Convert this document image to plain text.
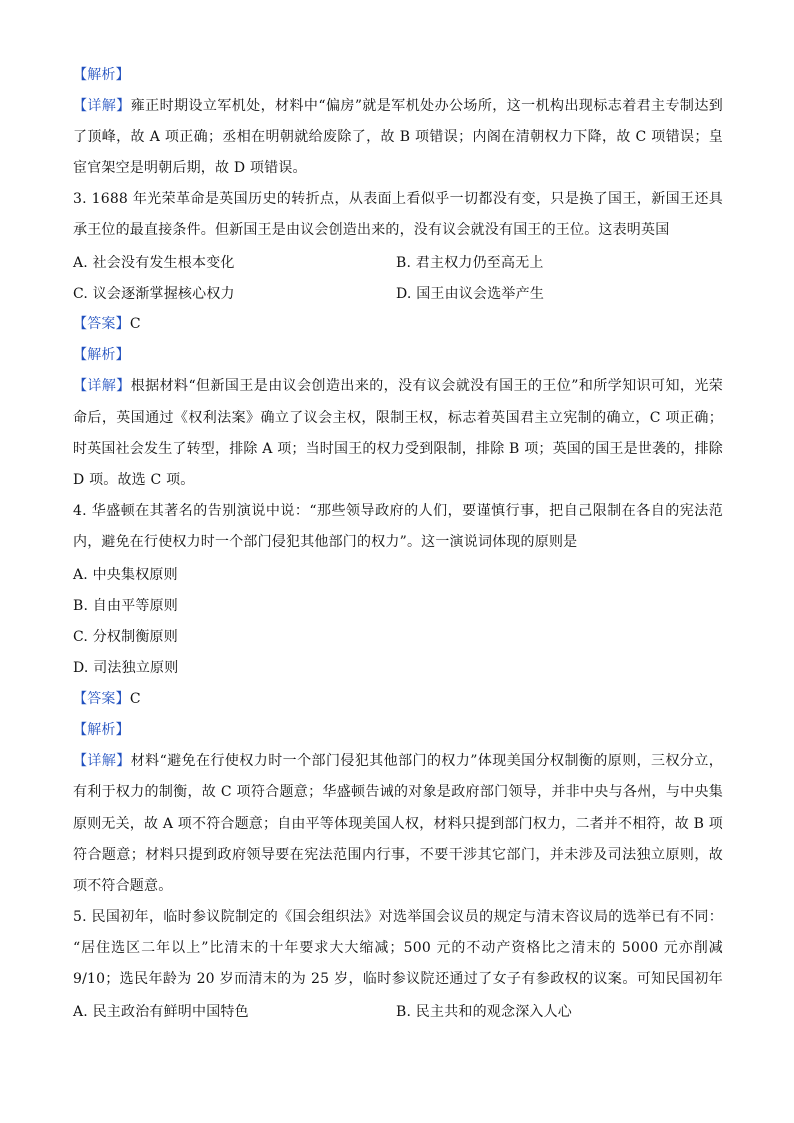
【解析】
【详解】雍正时期设立军机处，材料中“偏房”就是军机处办公场所，这一机构出现标志着君主专制达到
了顶峰，故 A 项正确；丞相在明朝就给废除了，故 B 项错误；内阁在清朝权力下降，故 C 项错误；皇
宦官架空是明朝后期，故 D 项错误。
3. 1688 年光荣革命是英国历史的转折点，从表面上看似乎一切都没有变，只是换了国王，新国王还具
承王位的最直接条件。但新国王是由议会创造出来的，没有议会就没有国王的王位。这表明英国
A. 社会没有发生根本变化	B. 君主权力仍至高无上
C. 议会逐渐掌握核心权力	D. 国王由议会选举产生
【答案】C
【解析】
【详解】根据材料“但新国王是由议会创造出来的，没有议会就没有国王的王位”和所学知识可知，光荣
命后，英国通过《权利法案》确立了议会主权，限制王权，标志着英国君主立宪制的确立，C 项正确；
时英国社会发生了转型，排除 A 项；当时国王的权力受到限制，排除 B 项；英国的国王是世袭的，排除
D 项。故选 C 项。
4. 华盛顿在其著名的告别演说中说：“那些领导政府的人们，要谨慎行事，把自己限制在各自的宪法范
内，避免在行使权力时一个部门侵犯其他部门的权力”。这一演说词体现的原则是
A. 中央集权原则
B. 自由平等原则
C. 分权制衡原则
D. 司法独立原则
【答案】C
【解析】
【详解】材料“避免在行使权力时一个部门侵犯其他部门的权力”体现美国分权制衡的原则，三权分立，
有利于权力的制衡，故 C 项符合题意；华盛顿告诫的对象是政府部门领导，并非中央与各州，与中央集
原则无关，故 A 项不符合题意；自由平等体现美国人权，材料只提到部门权力，二者并不相符，故 B 项
符合题意；材料只提到政府领导要在宪法范围内行事，不要干涉其它部门，并未涉及司法独立原则，故
项不符合题意。
5. 民国初年，临时参议院制定的《国会组织法》对选举国会议员的规定与清末咨议局的选举已有不同：
“居住选区二年以上”比清末的十年要求大大缩减；500 元的不动产资格比之清末的 5000 元亦削减
9/10；选民年龄为 20 岁而清末的为 25 岁，临时参议院还通过了女子有参政权的议案。可知民国初年
A. 民主政治有鲜明中国特色	B. 民主共和的观念深入人心
